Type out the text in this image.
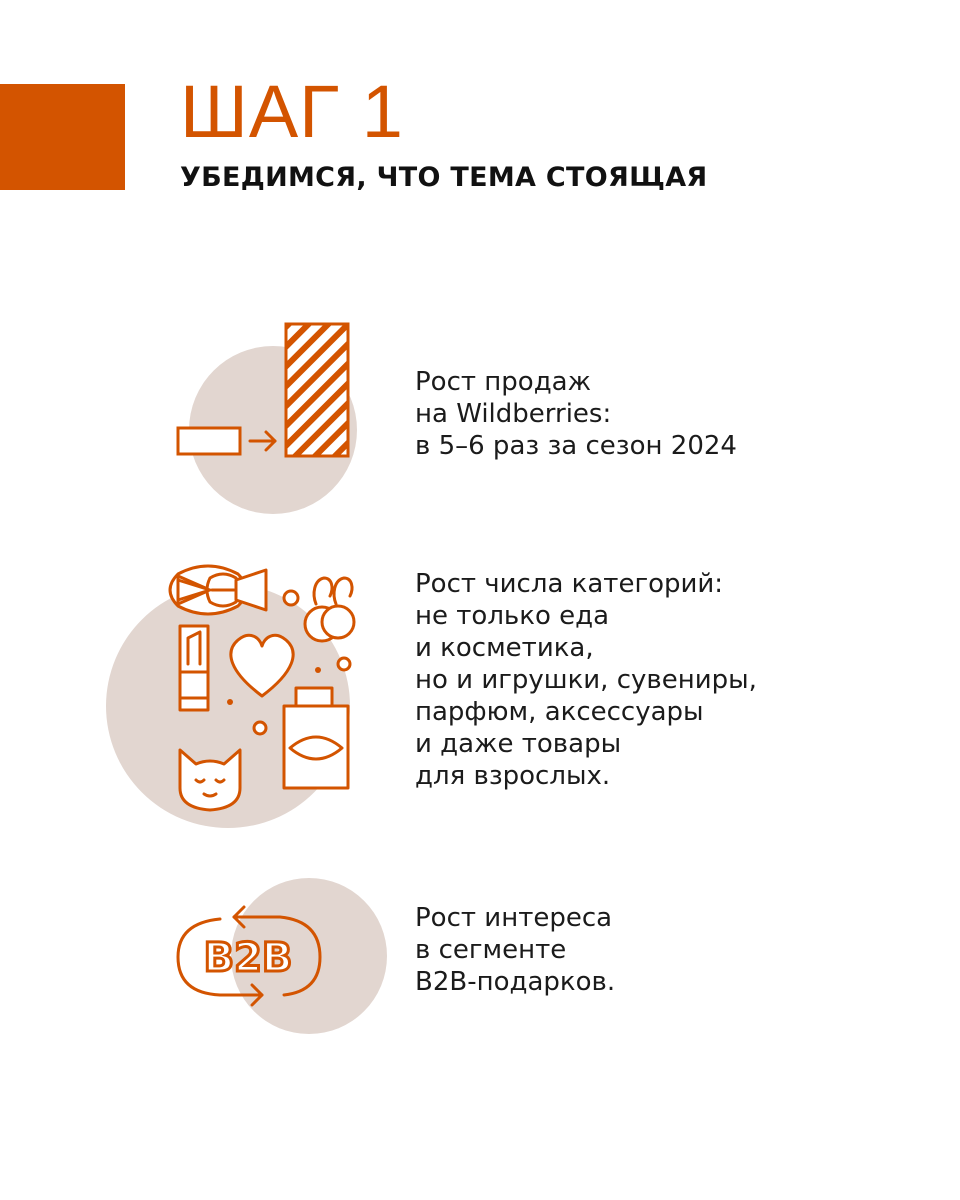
ШАГ 1
УБЕДИМСЯ, ЧТО ТЕМА СТОЯЩАЯ

Рост продаж
на Wildberries:
в 5–6 раз за сезон 2024

Рост числа категорий:
не только еда
и косметика,
но и игрушки, сувениры,
парфюм, аксессуары
и даже товары
для взрослых.

B2B

Рост интереса
в сегменте
B2B-подарков.
